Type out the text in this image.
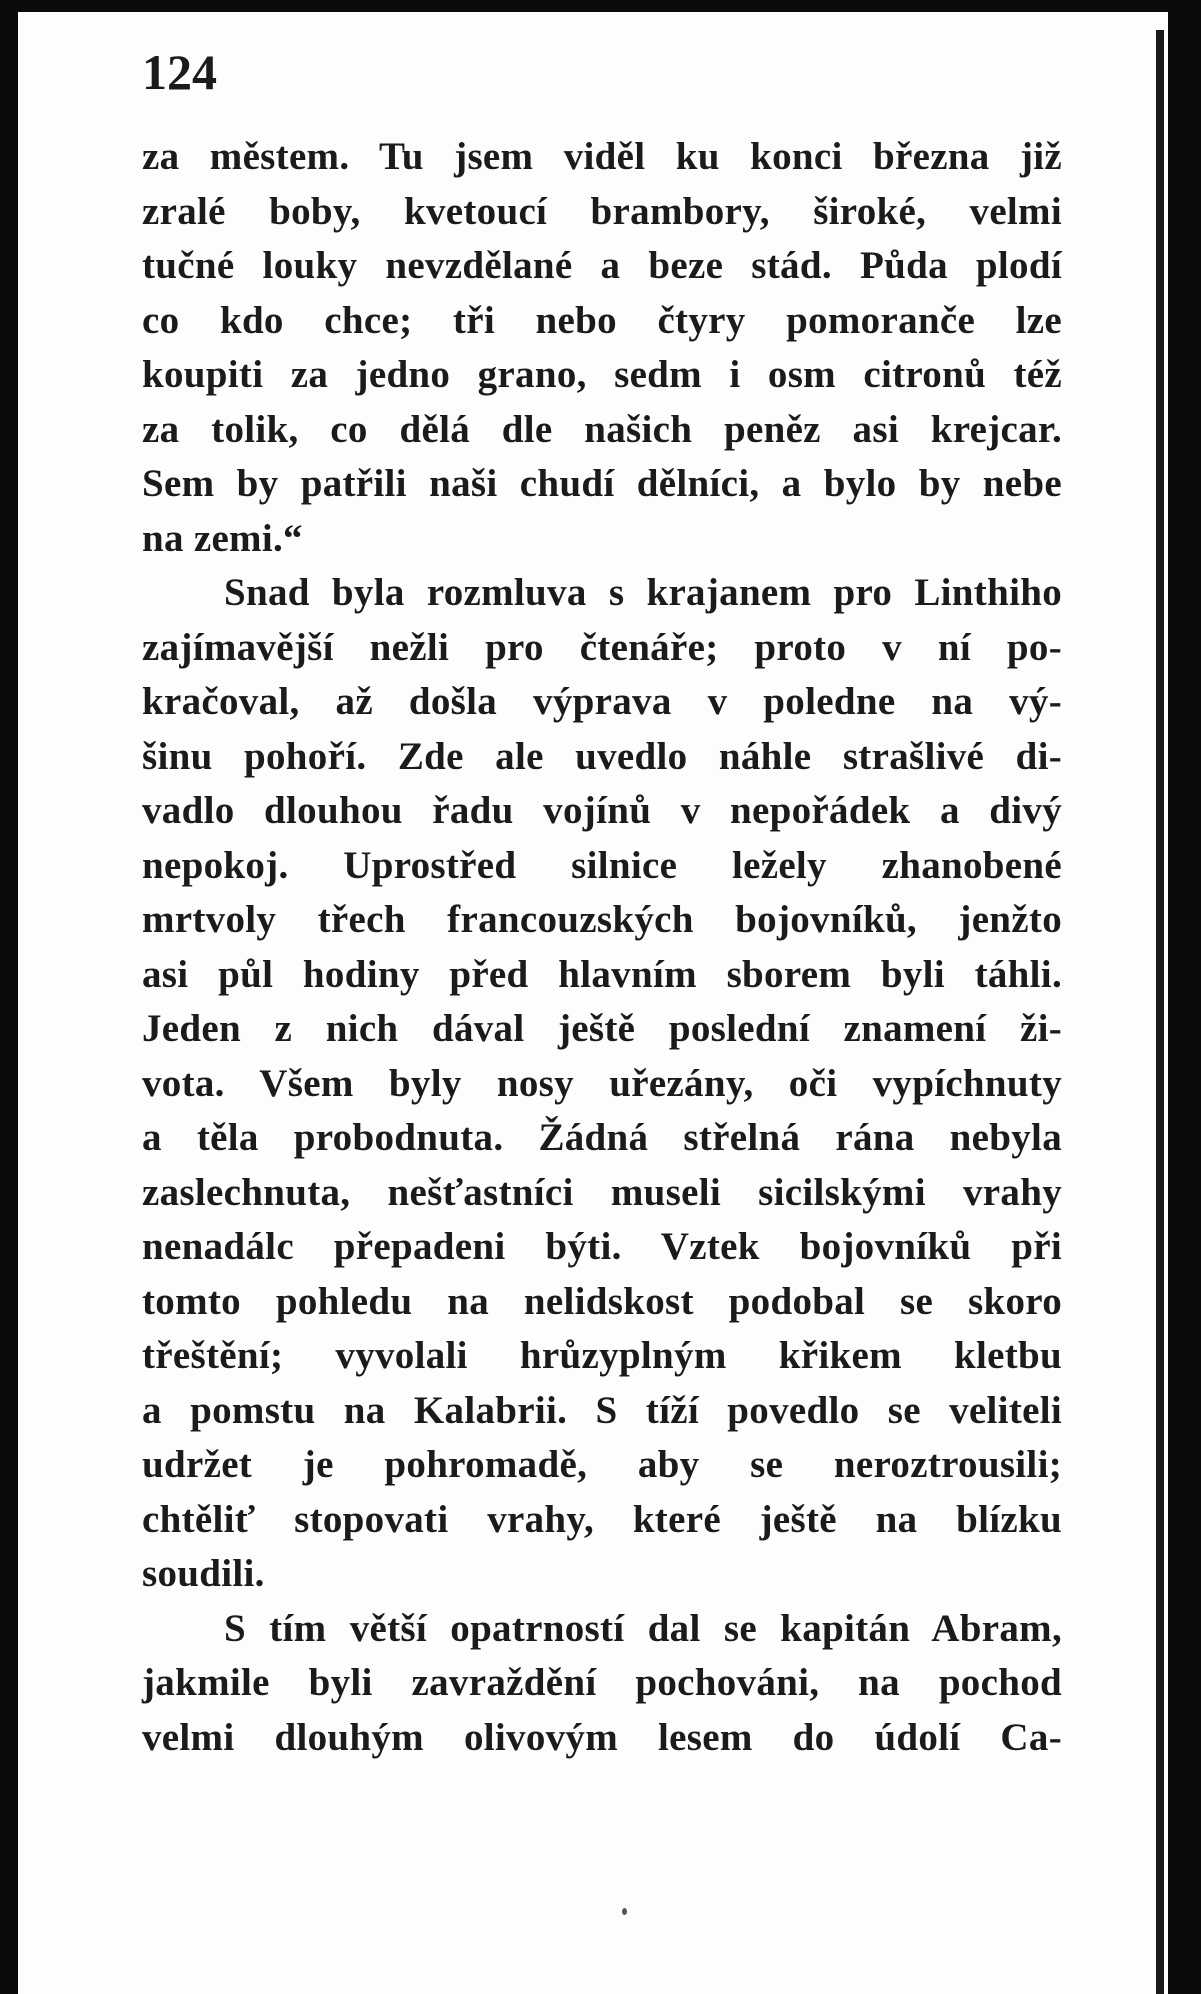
124
za městem. Tu jsem viděl ku konci března již
zralé boby, kvetoucí brambory, široké, velmi
tučné louky nevzdělané a beze stád. Půda plodí
co kdo chce; tři nebo čtyry pomoranče lze
koupiti za jedno grano, sedm i osm citronů též
za tolik, co dělá dle našich peněz asi krejcar.
Sem by patřili naši chudí dělníci, a bylo by nebe
na zemi.“
Snad byla rozmluva s krajanem pro Linthiho
zajímavější nežli pro čtenáře; proto v ní po-
kračoval, až došla výprava v poledne na vý-
šinu pohoří. Zde ale uvedlo náhle strašlivé di-
vadlo dlouhou řadu vojínů v nepořádek a divý
nepokoj. Uprostřed silnice ležely zhanobené
mrtvoly třech francouzských bojovníků, jenžto
asi půl hodiny před hlavním sborem byli táhli.
Jeden z nich dával ještě poslední znamení ži-
vota. Všem byly nosy uřezány, oči vypíchnuty
a těla probodnuta. Žádná střelná rána nebyla
zaslechnuta, nešťastníci museli sicilskými vrahy
nenadálc přepadeni býti. Vztek bojovníků při
tomto pohledu na nelidskost podobal se skoro
třeštění; vyvolali hrůzyplným křikem kletbu
a pomstu na Kalabrii. S tíží povedlo se veliteli
udržet je pohromadě, aby se neroztrousili;
chtěliť stopovati vrahy, které ještě na blízku
soudili.
S tím větší opatrností dal se kapitán Abram,
jakmile byli zavraždění pochováni, na pochod
velmi dlouhým olivovým lesem do údolí Ca-
